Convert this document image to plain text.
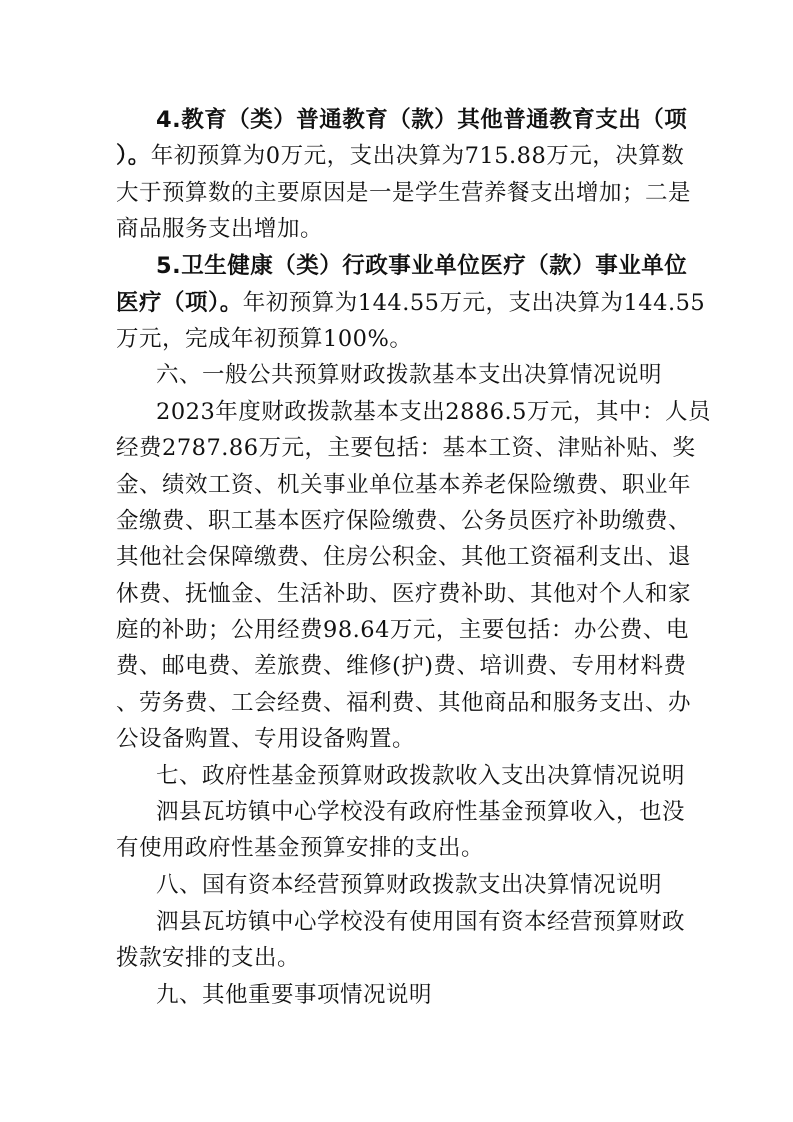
4.教育（类）普通教育（款）其他普通教育支出（项
）。年初预算为0万元，支出决算为715.88万元，决算数
大于预算数的主要原因是一是学生营养餐支出增加；二是
商品服务支出增加。
5.卫生健康（类）行政事业单位医疗（款）事业单位
医疗（项）。年初预算为144.55万元，支出决算为144.55
万元，完成年初预算100%。
六、一般公共预算财政拨款基本支出决算情况说明
2023年度财政拨款基本支出2886.5万元，其中：人员
经费2787.86万元，主要包括：基本工资、津贴补贴、奖
金、绩效工资、机关事业单位基本养老保险缴费、职业年
金缴费、职工基本医疗保险缴费、公务员医疗补助缴费、
其他社会保障缴费、住房公积金、其他工资福利支出、退
休费、抚恤金、生活补助、医疗费补助、其他对个人和家
庭的补助；公用经费98.64万元，主要包括：办公费、电
费、邮电费、差旅费、维修(护)费、培训费、专用材料费
、劳务费、工会经费、福利费、其他商品和服务支出、办
公设备购置、专用设备购置。
七、政府性基金预算财政拨款收入支出决算情况说明
泗县瓦坊镇中心学校没有政府性基金预算收入，也没
有使用政府性基金预算安排的支出。
八、国有资本经营预算财政拨款支出决算情况说明
泗县瓦坊镇中心学校没有使用国有资本经营预算财政
拨款安排的支出。
九、其他重要事项情况说明
